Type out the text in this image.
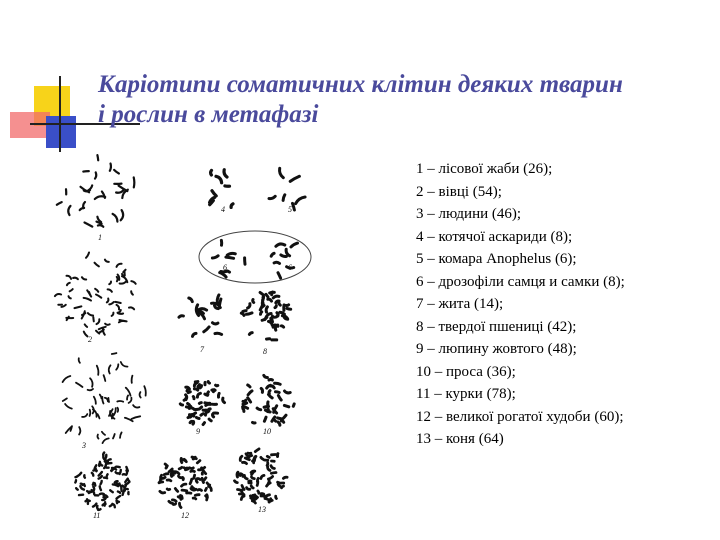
Каріотипи соматичних клітин деяких тварин
і рослин в метафазі
1
2
3
4	5
6	6
7	8
9	10
11	12
13
1 – лісової жаби (26);
2 – вівці (54);
3 – людини (46);
4 – котячої аскариди (8);
5 – комара Anophelus (6);
6 – дрозофіли самця и самки (8);
7 – жита (14);
8 – твердої пшениці (42);
9 – люпину жовтого (48);
10 – проса (36);
11 – курки (78);
12 – великої рогатої худоби (60);
13 – коня (64)
